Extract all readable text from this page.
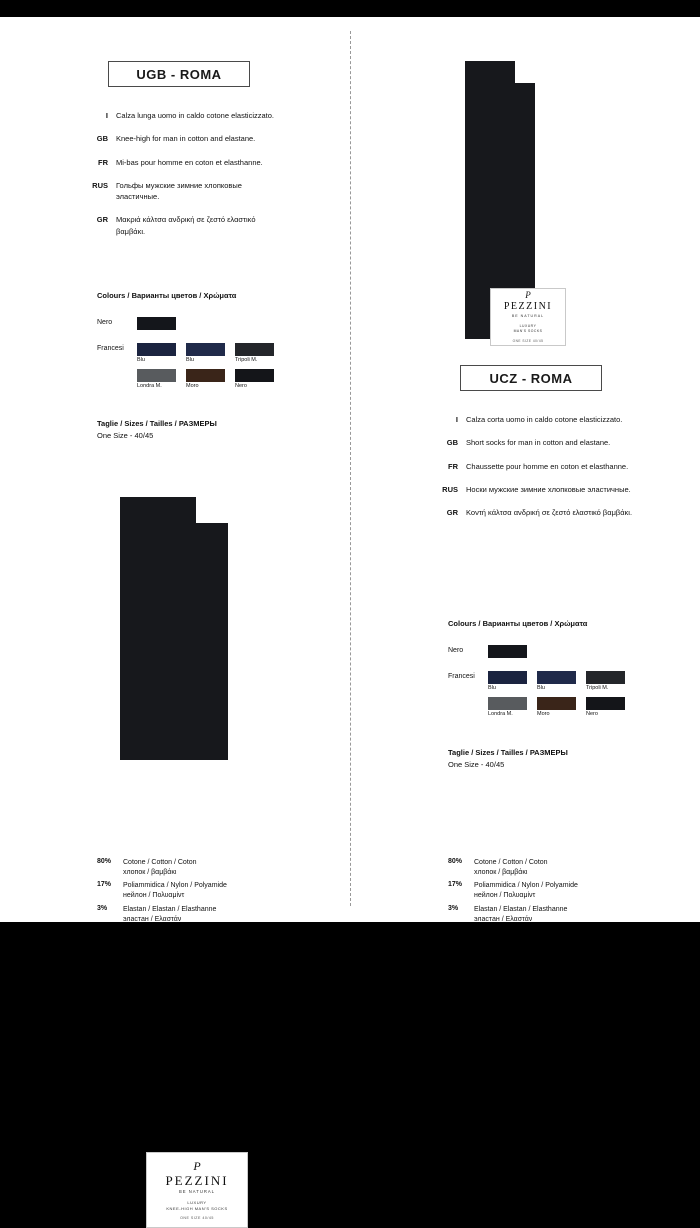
UGB - ROMA
I	Calza lunga uomo in caldo cotone elasticizzato.
GB	Knee-high for man in cotton and elastane.
FR	Mi-bas pour homme en coton et elasthanne.
RUS	Гольфы мужские зимние хлопковые эластичные.
GR	Μακριά κάλτσα ανδρική σε ζεστό ελαστικό βαμβάκι.
Colours / Варианты цветов / Χρώματα
Nero
Francesi
Blu	Blu	Tripoli M.
Londra M.	Moro	Nero
Taglie / Sizes / Tailles / РАЗМЕРЫ
One Size - 40/45
P
PEZZINI
BE NATURAL
LUXURY
MAN'S SOCKS
ONE SIZE 40/45
80%	Cotone / Cotton / Coton
хлопок / βαμβάκι
17%	Poliammidica / Nylon / Polyamide
нейлон / Πολυαμίντ
3%	Elastan / Elastan / Elasthanne
эластан / Ελαστάν
UCZ - ROMA
I	Calza corta uomo in caldo cotone elasticizzato.
GB	Short socks for man in cotton and elastane.
FR	Chaussette pour homme en coton et elasthanne.
RUS	Носки мужские зимние хлопковые эластичные.
GR	Κοντή κάλτσα ανδρική σε ζεστό ελαστικό βαμβάκι.
Colours / Варианты цветов / Χρώματα
Nero
Francesi
Blu	Blu	Tripoli M.
Londra M.	Moro	Nero
Taglie / Sizes / Tailles / РАЗМЕРЫ
One Size - 40/45
P
PEZZINI
BE NATURAL
LUXURY
KNEE-HIGH MAN'S SOCKS
ONE SIZE 40/45
80%	Cotone / Cotton / Coton
хлопок / βαμβάκι
17%	Poliammidica / Nylon / Polyamide
нейлон / Πολυαμίντ
3%	Elastan / Elastan / Elasthanne
эластан / Ελαστάν
